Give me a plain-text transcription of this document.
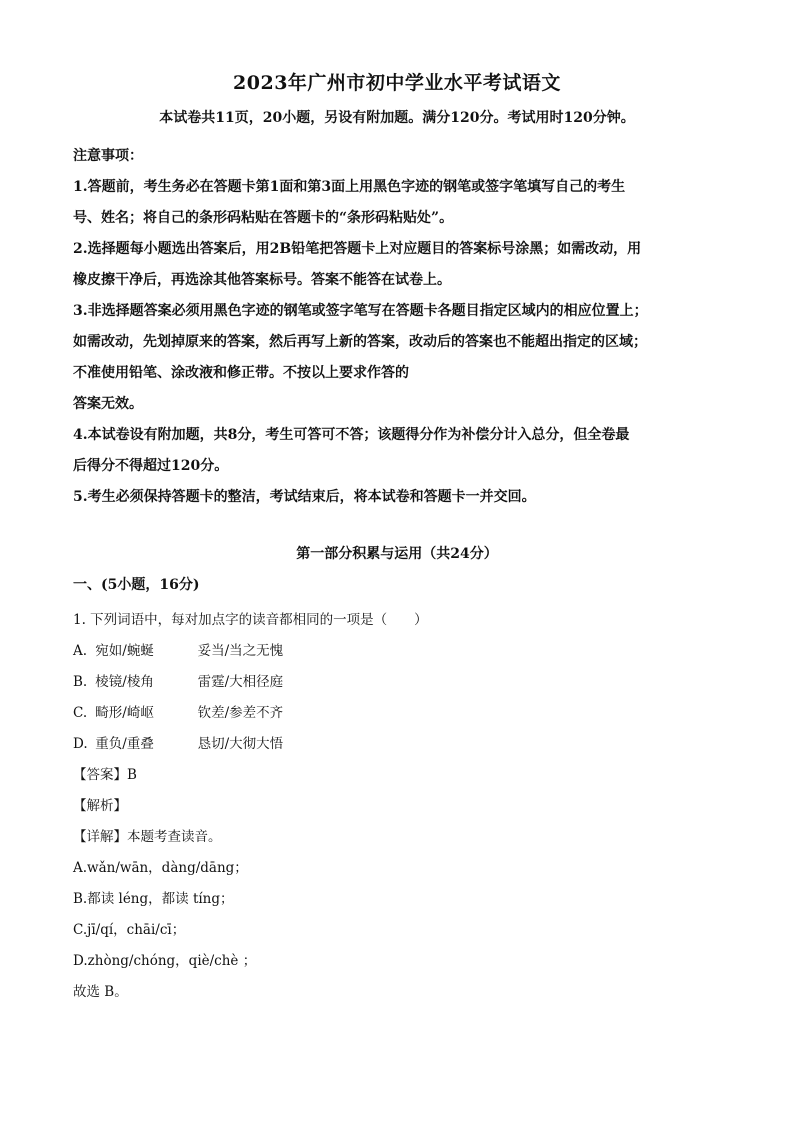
2023年广州市初中学业水平考试语文
本试卷共11页，20小题，另设有附加题。满分120分。考试用时120分钟。
注意事项：
1.答题前，考生务必在答题卡第1面和第3面上用黑色字迹的钢笔或签字笔填写自己的考生
号、姓名；将自己的条形码粘贴在答题卡的“条形码粘贴处”。
2.选择题每小题选出答案后，用2B铅笔把答题卡上对应题目的答案标号涂黑；如需改动，用
橡皮擦干净后，再选涂其他答案标号。答案不能答在试卷上。
3.非选择题答案必须用黑色字迹的钢笔或签字笔写在答题卡各题目指定区域内的相应位置上；
如需改动，先划掉原来的答案，然后再写上新的答案，改动后的答案也不能超出指定的区域；
不准使用铅笔、涂改液和修正带。不按以上要求作答的
答案无效。
4.本试卷设有附加题，共8分，考生可答可不答；该题得分作为补偿分计入总分，但全卷最
后得分不得超过120分。
5.考生必须保持答题卡的整洁，考试结束后，将本试卷和答题卡一并交回。
第一部分积累与运用（共24分）
一、(5小题，16分)
1. 下列词语中，每对加点字的读音都相同的一项是（　　）
A. 宛如/蜿蜒	妥当/当之无愧
B. 棱镜/棱角	雷霆/大相径庭
C. 畸形/崎岖	钦差/参差不齐
D. 重负/重叠	恳切/大彻大悟
【答案】B
【解析】
【详解】本题考查读音。
A.wǎn/wān，dàng/dāng；
B.都读 léng，都读 tíng；
C.jī/qí，chāi/cī；
D.zhòng/chóng，qiè/chè ；
故选 B。
